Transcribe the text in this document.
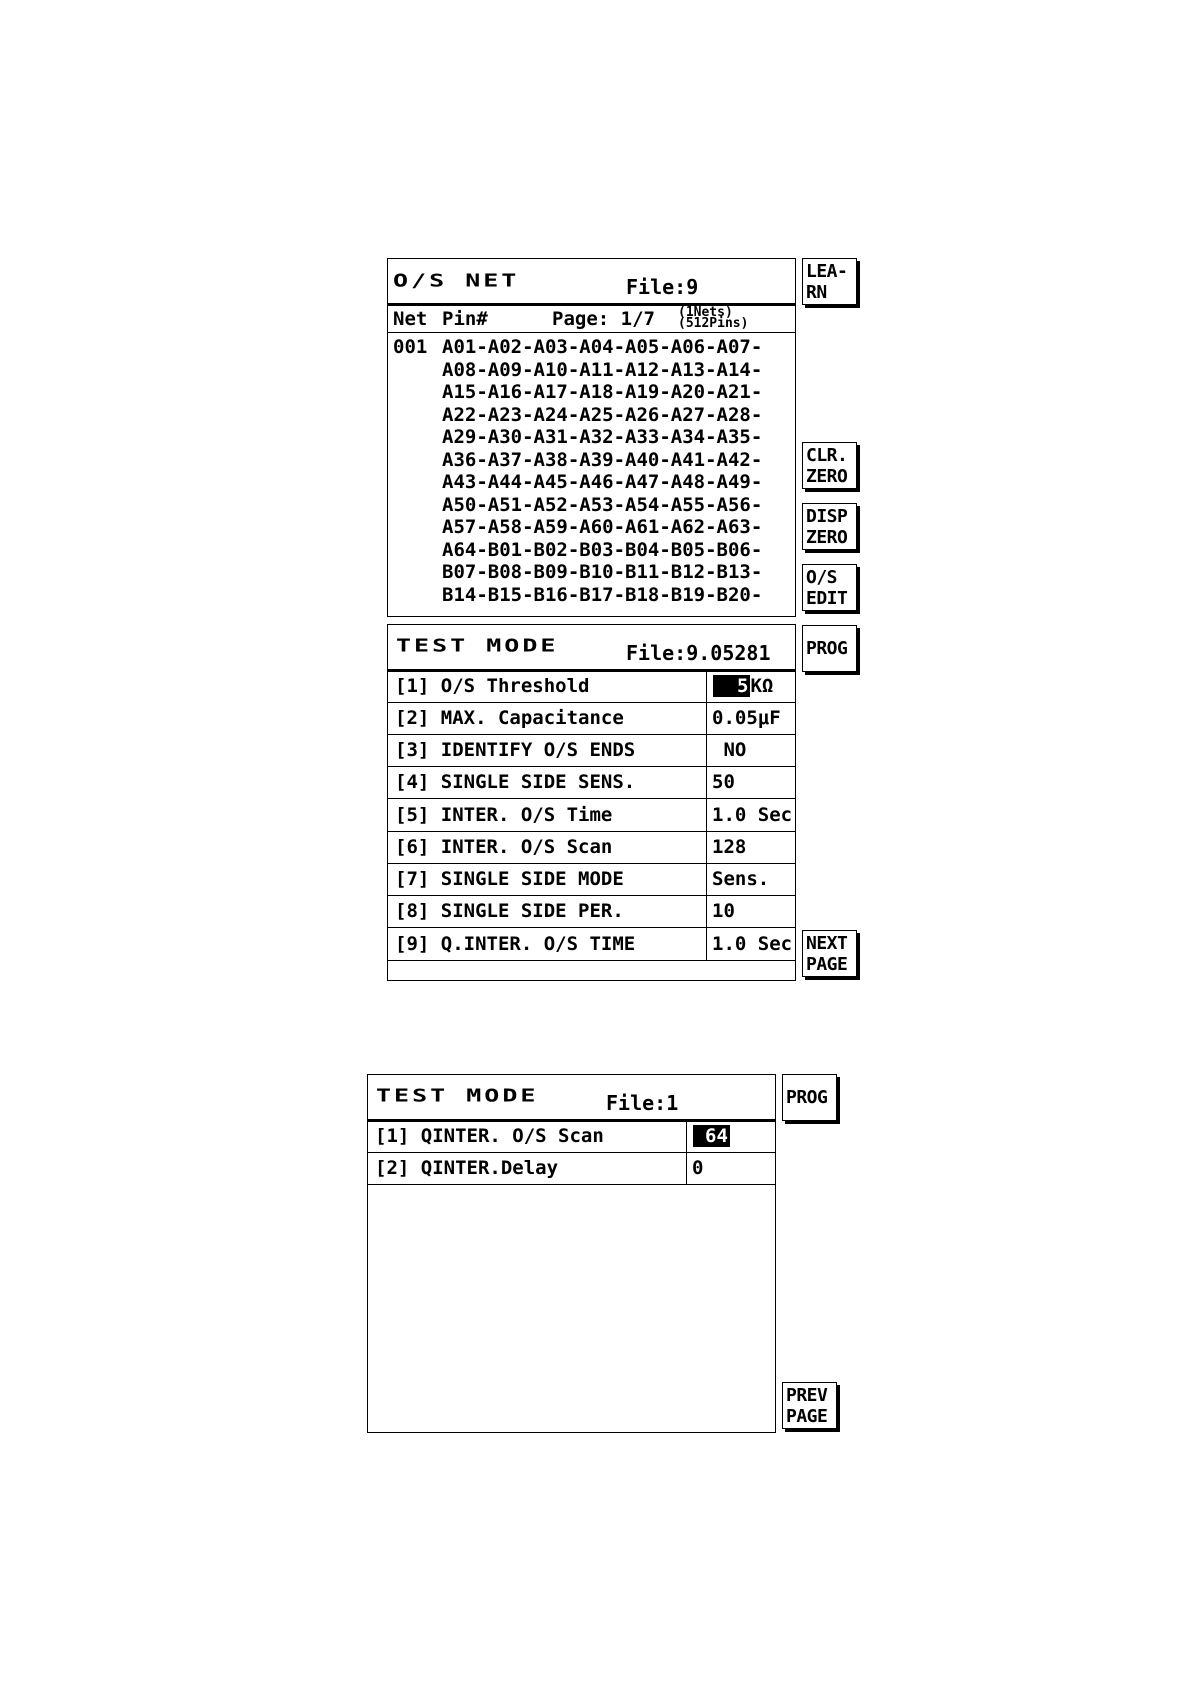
O/S NET	File:9
Net Pin#	Page: 1/7 (1Nets)
(512Pins)
001 A01-A02-A03-A04-A05-A06-A07-
A08-A09-A10-A11-A12-A13-A14-
A15-A16-A17-A18-A19-A20-A21-
A22-A23-A24-A25-A26-A27-A28-
A29-A30-A31-A32-A33-A34-A35-
A36-A37-A38-A39-A40-A41-A42-
A43-A44-A45-A46-A47-A48-A49-
A50-A51-A52-A53-A54-A55-A56-
A57-A58-A59-A60-A61-A62-A63-
A64-B01-B02-B03-B04-B05-B06-
B07-B08-B09-B10-B11-B12-B13-
B14-B15-B16-B17-B18-B19-B20-
LEA-
RN
CLR.
ZERO
DISP
ZERO
O/S
EDIT
PROG
NEXT
PAGE
TEST MODE	File:9.05281
[1] O/S Threshold	5 KΩ
[2] MAX. Capacitance	0.05μF
[3] IDENTIFY O/S ENDS	NO
[4] SINGLE SIDE SENS.	50
[5] INTER. O/S Time	1.0 Sec
[6] INTER. O/S Scan	128
[7] SINGLE SIDE MODE	Sens.
[8] SINGLE SIDE PER.	10
[9] Q.INTER. O/S TIME	1.0 Sec
TEST MODE	File:1
[1] QINTER. O/S Scan	64
[2] QINTER.Delay	0
PROG
PREV
PAGE
